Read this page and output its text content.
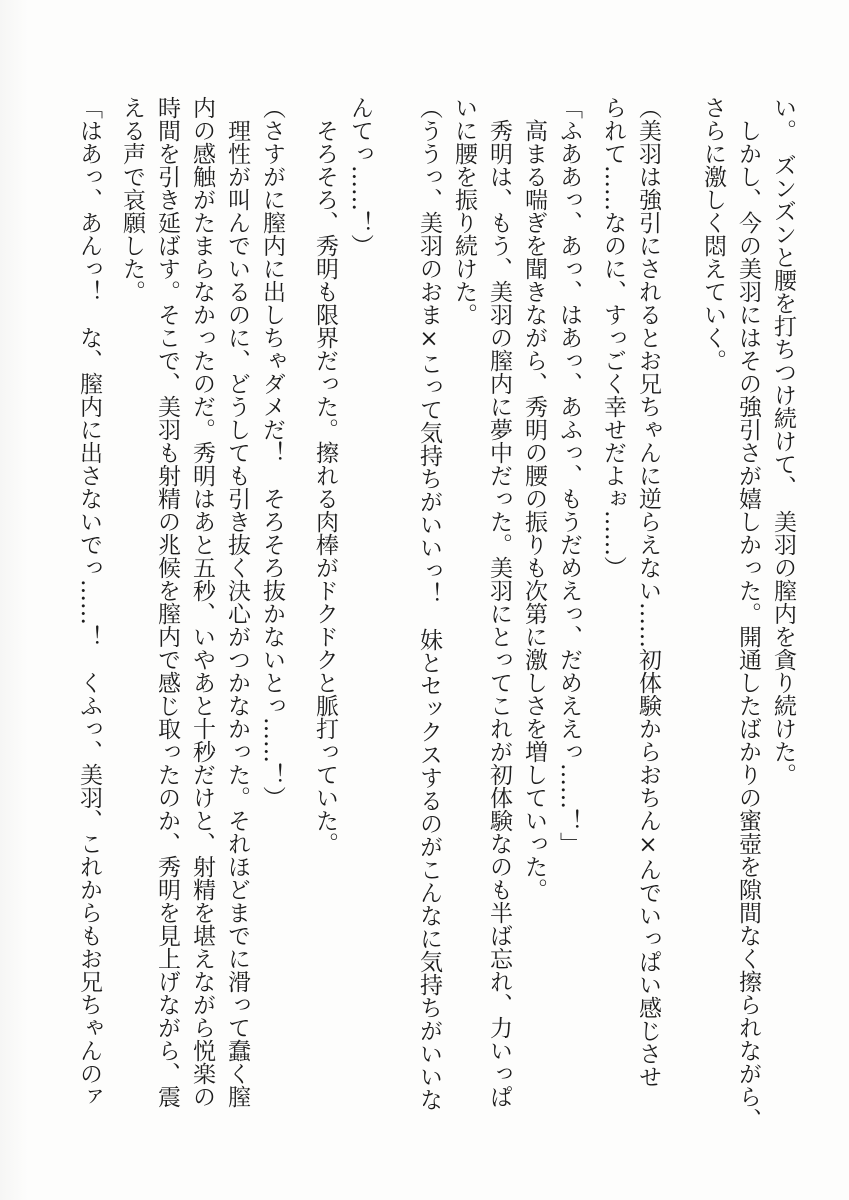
い。　ズンズンと腰を打ちつけ続けて、　美羽の膣内を貪り続けた。

　しかし、今の美羽にはその強引さが嬉しかった。開通したばかりの蜜壺を隙間なく擦られながら、

さらに激しく悶えていく。

（美羽は強引にされるとお兄ちゃんに逆らえない……初体験からおちん×んでいっぱい感じさせ

られて……なのに、すっごく幸せだよぉ……）

「ふああっ、あっ、はあっ、あふっ、もうだめえっ、だめええっ……！」

　高まる喘ぎを聞きながら、秀明の腰の振りも次第に激しさを増していった。

　秀明は、もう、美羽の膣内に夢中だった。美羽にとってこれが初体験なのも半ば忘れ、力いっぱ

いに腰を振り続けた。

（ううっ、美羽のおま×こって気持ちがいいっ！　妹とセックスするのがこんなに気持ちがいいな

んてっ……！）

　そろそろ、秀明も限界だった。擦れる肉棒がドクドクと脈打っていた。

（さすがに膣内に出しちゃダメだ！　そろそろ抜かないとっ……！）

　理性が叫んでいるのに、どうしても引き抜く決心がつかなかった。それほどまでに滑って蠢く膣

内の感触がたまらなかったのだ。秀明はあと五秒、いやあと十秒だけと、射精を堪えながら悦楽の

時間を引き延ばす。そこで、美羽も射精の兆候を膣内で感じ取ったのか、秀明を見上げながら、震

える声で哀願した。

「はあっ、あんっ！　な、膣内に出さないでっ……！　くふっ、美羽、これからもお兄ちゃんのァ
